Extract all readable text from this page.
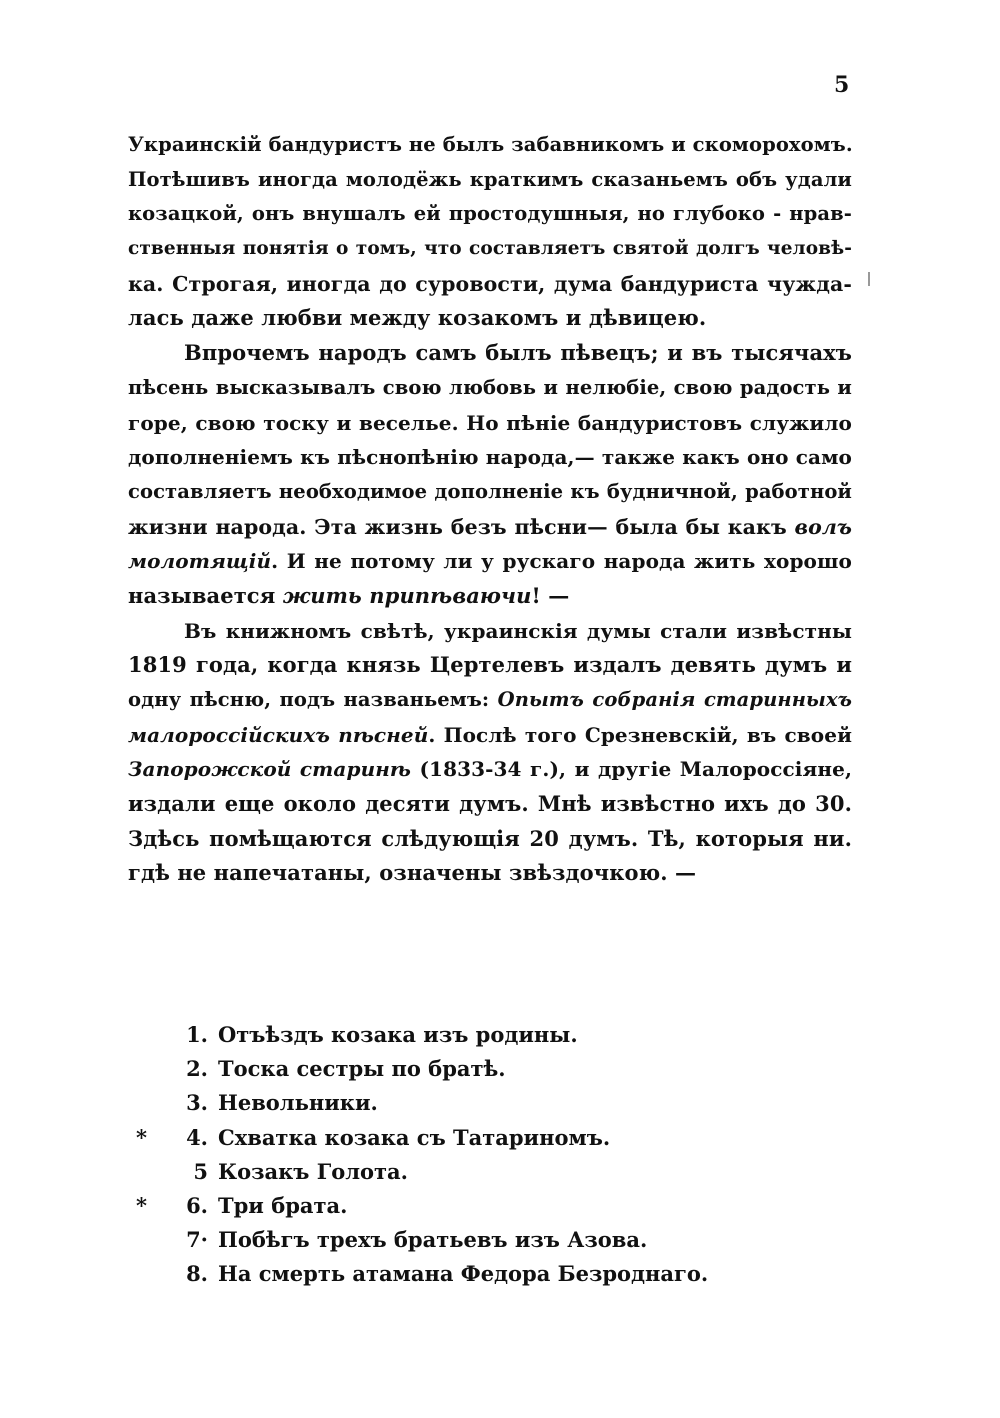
5
Украинскій бандуристъ не былъ забавникомъ и скоморохомъ.
Потѣшивъ иногда молодёжь краткимъ сказаньемъ объ удали
козацкой, онъ внушалъ ей простодушныя, но глубоко - нрав-
ственныя понятія о томъ, что составляетъ святой долгъ человѣ-
ка. Строгая, иногда до суровости, дума бандуриста чужда-
лась даже любви между козакомъ и дѣвицею.
Впрочемъ народъ самъ былъ пѣвецъ; и въ тысячахъ
пѣсень высказывалъ свою любовь и нелюбіе, свою радость и
горе, свою тоску и веселье. Но пѣніе бандуристовъ служило
дополненіемъ къ пѣснопѣнію народа,— также какъ оно само
составляетъ необходимое дополненіе къ будничной, работной
жизни народа. Эта жизнь безъ пѣсни— была бы какъ волъ
молотящій. И не потому ли у рускаго народа жить хорошо
называется жить припѣваючи! —
Въ книжномъ свѣтѣ, украинскія думы стали извѣстны
1819 года, когда князь Цертелевъ издалъ девять думъ и
одну пѣсню, подъ названьемъ: Опытъ собранія старинныхъ
малороссійскихъ пѣсней. Послѣ того Срезневскій, въ своей
Запорожской старинѣ (1833-34 г.), и другіе Малороссіяне,
издали еще около десяти думъ. Мнѣ извѣстно ихъ до 30.
Здѣсь помѣщаются слѣдующія 20 думъ. Тѣ, которыя ни.
гдѣ не напечатаны, означены звѣздочкою. —
1. Отъѣздъ козака изъ родины.
2. Тоска сестры по братѣ.
3. Невольники.
*	4. Схватка козака съ Татариномъ.
5 Козакъ Голота.
*	6. Три брата.
7· Побѣгъ трехъ братьевъ изъ Азова.
8. На смерть атамана Федора Безроднаго.
